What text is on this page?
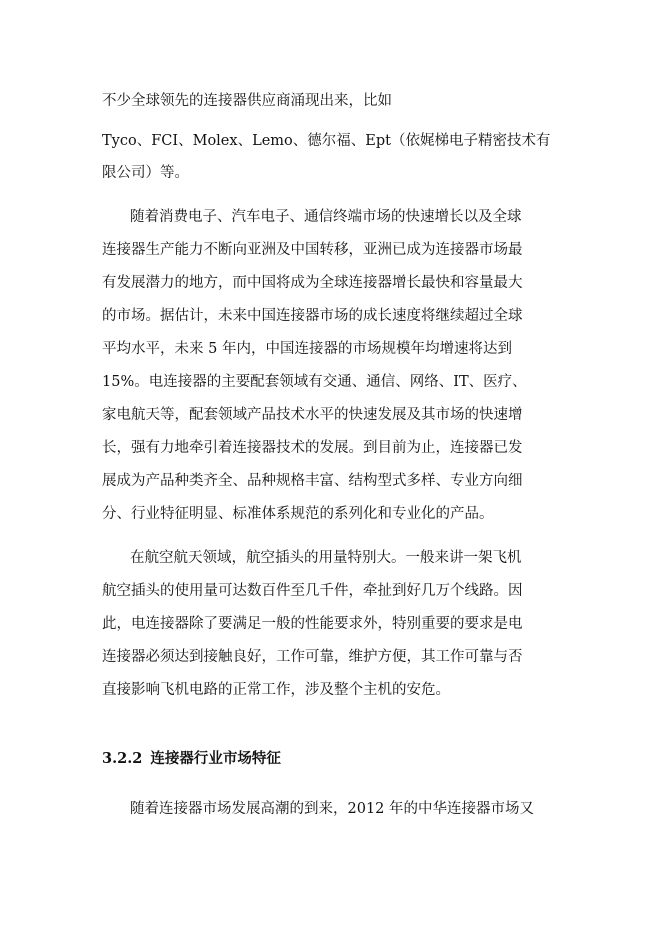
不少全球领先的连接器供应商涌现出来，比如
Tyco、FCI、Molex、Lemo、德尔福、Ept（依娓梯电子精密技术有
限公司）等。
随着消费电子、汽车电子、通信终端市场的快速增长以及全球
连接器生产能力不断向亚洲及中国转移，亚洲已成为连接器市场最
有发展潜力的地方，而中国将成为全球连接器增长最快和容量最大
的市场。据估计，未来中国连接器市场的成长速度将继续超过全球
平均水平，未来 5 年内，中国连接器的市场规模年均增速将达到
15%。电连接器的主要配套领域有交通、通信、网络、IT、医疗、
家电航天等，配套领域产品技术水平的快速发展及其市场的快速增
长，强有力地牵引着连接器技术的发展。到目前为止，连接器已发
展成为产品种类齐全、品种规格丰富、结构型式多样、专业方向细
分、行业特征明显、标准体系规范的系列化和专业化的产品。
在航空航天领域，航空插头的用量特别大。一般来讲一架飞机
航空插头的使用量可达数百件至几千件，牵扯到好几万个线路。因
此，电连接器除了要满足一般的性能要求外，特别重要的要求是电
连接器必须达到接触良好，工作可靠，维护方便，其工作可靠与否
直接影响飞机电路的正常工作，涉及整个主机的安危。
3.2.2 连接器行业市场特征
随着连接器市场发展高潮的到来，2012 年的中华连接器市场又
